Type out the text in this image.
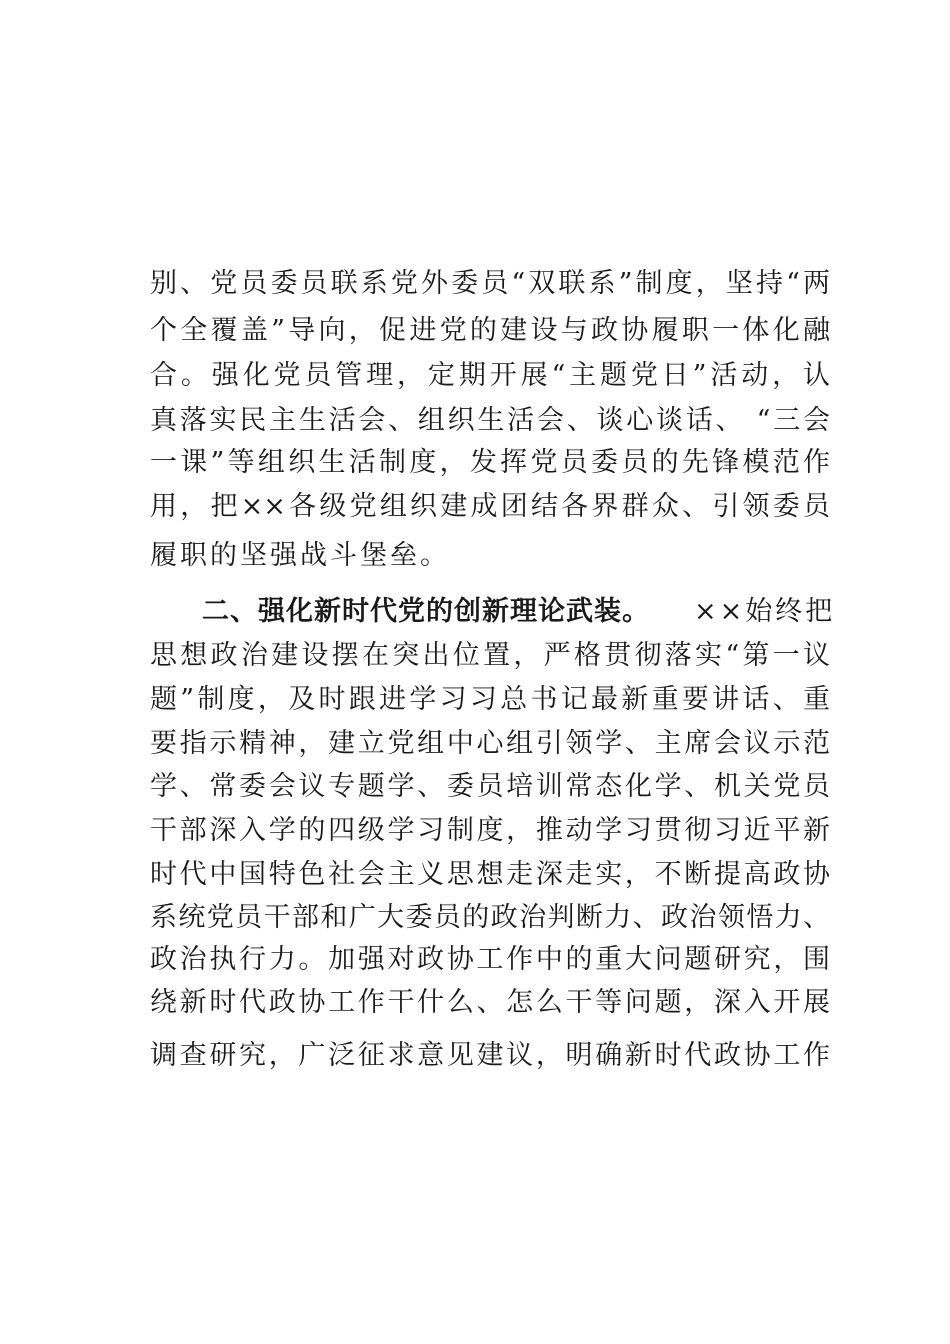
别、党员委员联系党外委员“双联系”制度，坚持“两
个全覆盖”导向，促进党的建设与政协履职一体化融
合。强化党员管理，定期开展“主题党日”活动，认
真落实民主生活会、组织生活会、谈心谈话、 “三会
一课”等组织生活制度，发挥党员委员的先锋模范作
用，把××各级党组织建成团结各界群众、引领委员
履职的坚强战斗堡垒。
二、强化新时代党的创新理论武装。 ××始终把
思想政治建设摆在突出位置，严格贯彻落实“第一议
题”制度，及时跟进学习习总书记最新重要讲话、重
要指示精神，建立党组中心组引领学、主席会议示范
学、常委会议专题学、委员培训常态化学、机关党员
干部深入学的四级学习制度，推动学习贯彻习近平新
时代中国特色社会主义思想走深走实，不断提高政协
系统党员干部和广大委员的政治判断力、政治领悟力、
政治执行力。加强对政协工作中的重大问题研究，围
绕新时代政协工作干什么、怎么干等问题，深入开展
调查研究，广泛征求意见建议，明确新时代政协工作
